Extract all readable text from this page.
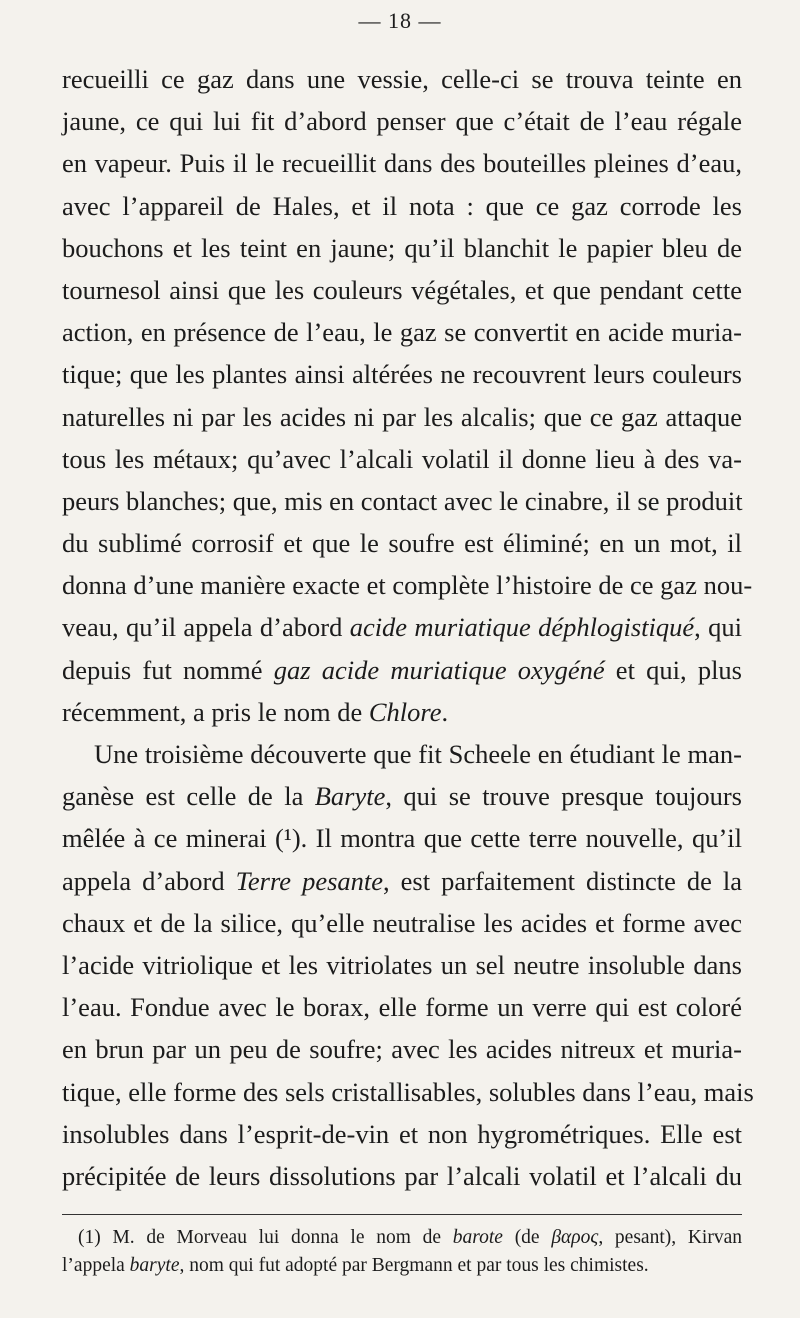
— 18 —
recueilli ce gaz dans une vessie, celle-ci se trouva teinte en
jaune, ce qui lui fit d’abord penser que c’était de l’eau régale
en vapeur. Puis il le recueillit dans des bouteilles pleines d’eau,
avec l’appareil de Hales, et il nota : que ce gaz corrode les
bouchons et les teint en jaune; qu’il blanchit le papier bleu de
tournesol ainsi que les couleurs végétales, et que pendant cette
action, en présence de l’eau, le gaz se convertit en acide muria-
tique; que les plantes ainsi altérées ne recouvrent leurs couleurs
naturelles ni par les acides ni par les alcalis; que ce gaz attaque
tous les métaux; qu’avec l’alcali volatil il donne lieu à des va-
peurs blanches; que, mis en contact avec le cinabre, il se produit
du sublimé corrosif et que le soufre est éliminé; en un mot, il
donna d’une manière exacte et complète l’histoire de ce gaz nou-
veau, qu’il appela d’abord acide muriatique déphlogistiqué, qui
depuis fut nommé gaz acide muriatique oxygéné et qui, plus
récemment, a pris le nom de Chlore.
Une troisième découverte que fit Scheele en étudiant le man-
ganèse est celle de la Baryte, qui se trouve presque toujours
mêlée à ce minerai (¹). Il montra que cette terre nouvelle, qu’il
appela d’abord Terre pesante, est parfaitement distincte de la
chaux et de la silice, qu’elle neutralise les acides et forme avec
l’acide vitriolique et les vitriolates un sel neutre insoluble dans
l’eau. Fondue avec le borax, elle forme un verre qui est coloré
en brun par un peu de soufre; avec les acides nitreux et muria-
tique, elle forme des sels cristallisables, solubles dans l’eau, mais
insolubles dans l’esprit-de-vin et non hygrométriques. Elle est
précipitée de leurs dissolutions par l’alcali volatil et l’alcali du
(1) M. de Morveau lui donna le nom de barote (de βαρος, pesant), Kirvan
l’appela baryte, nom qui fut adopté par Bergmann et par tous les chimistes.
